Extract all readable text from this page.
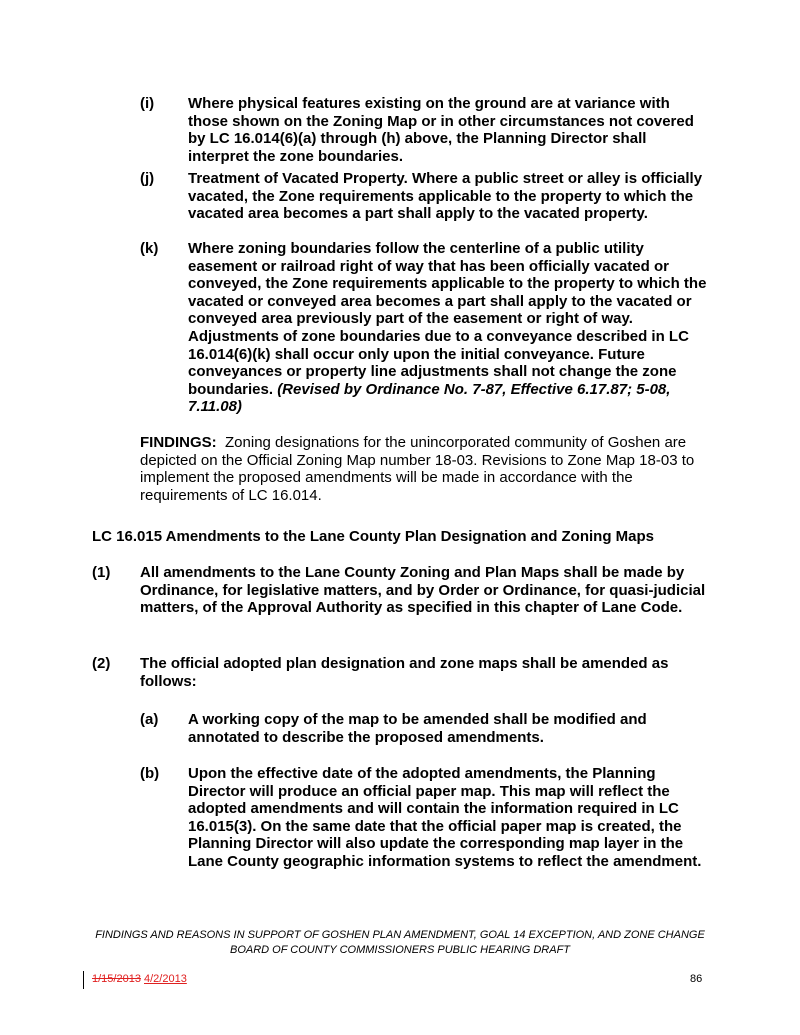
(i) Where physical features existing on the ground are at variance with those shown on the Zoning Map or in other circumstances not covered by LC 16.014(6)(a) through (h) above, the Planning Director shall interpret the zone boundaries.
(j) Treatment of Vacated Property. Where a public street or alley is officially vacated, the Zone requirements applicable to the property to which the vacated area becomes a part shall apply to the vacated property.
(k) Where zoning boundaries follow the centerline of a public utility easement or railroad right of way that has been officially vacated or conveyed, the Zone requirements applicable to the property to which the vacated or conveyed area becomes a part shall apply to the vacated or conveyed area previously part of the easement or right of way. Adjustments of zone boundaries due to a conveyance described in LC 16.014(6)(k) shall occur only upon the initial conveyance. Future conveyances or property line adjustments shall not change the zone boundaries. (Revised by Ordinance No. 7-87, Effective 6.17.87; 5-08, 7.11.08)
FINDINGS: Zoning designations for the unincorporated community of Goshen are depicted on the Official Zoning Map number 18-03. Revisions to Zone Map 18-03 to implement the proposed amendments will be made in accordance with the requirements of LC 16.014.
LC 16.015 Amendments to the Lane County Plan Designation and Zoning Maps
(1) All amendments to the Lane County Zoning and Plan Maps shall be made by Ordinance, for legislative matters, and by Order or Ordinance, for quasi-judicial matters, of the Approval Authority as specified in this chapter of Lane Code.
(2) The official adopted plan designation and zone maps shall be amended as follows:
(a) A working copy of the map to be amended shall be modified and annotated to describe the proposed amendments.
(b) Upon the effective date of the adopted amendments, the Planning Director will produce an official paper map. This map will reflect the adopted amendments and will contain the information required in LC 16.015(3). On the same date that the official paper map is created, the Planning Director will also update the corresponding map layer in the Lane County geographic information systems to reflect the amendment.
FINDINGS AND REASONS IN SUPPORT OF GOSHEN PLAN AMENDMENT, GOAL 14 EXCEPTION, AND ZONE CHANGE
BOARD OF COUNTY COMMISSIONERS PUBLIC HEARING DRAFT
1/15/2013 4/2/2013	86
